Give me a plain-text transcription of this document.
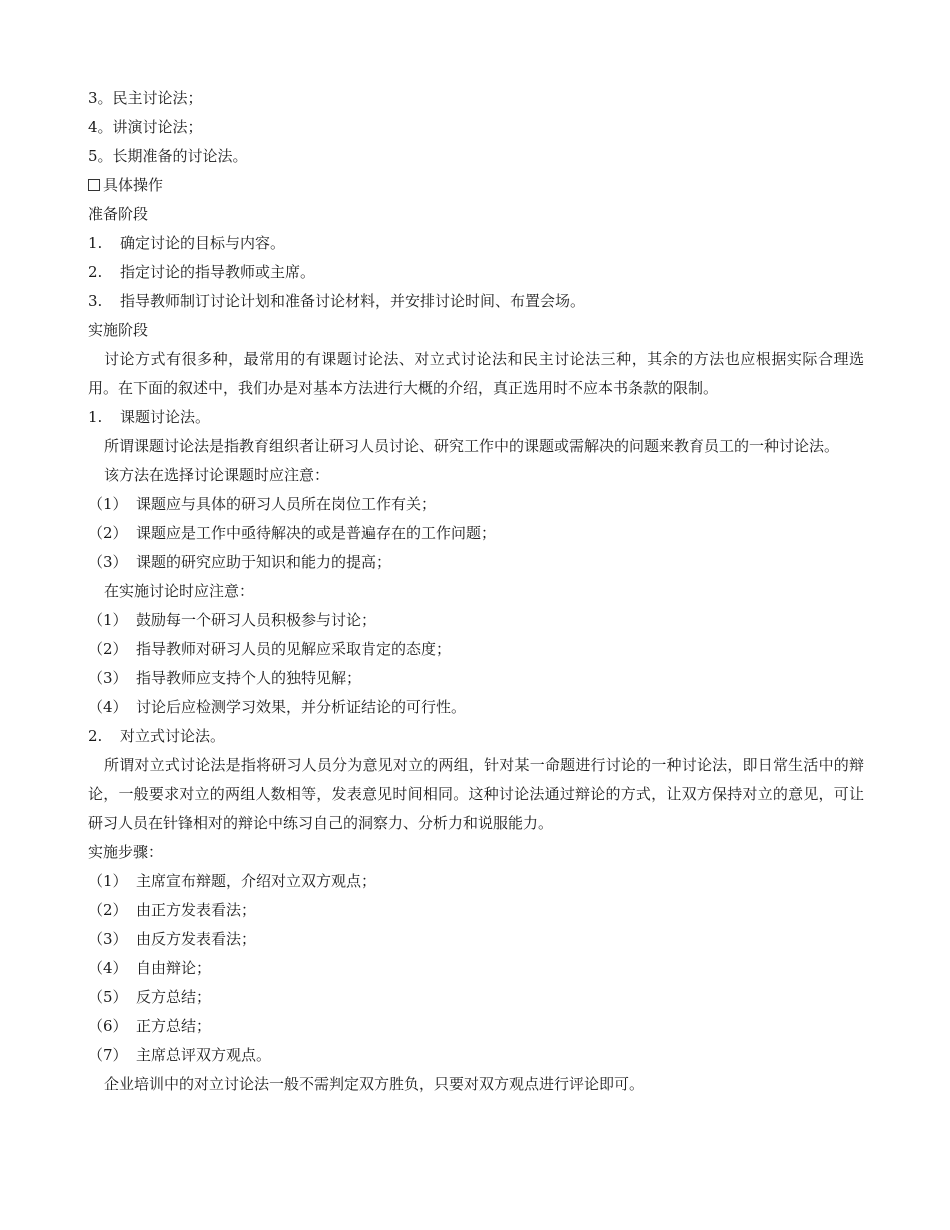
3。民主讨论法；
4。讲演讨论法；
5。长期准备的讨论法。
具体操作
准备阶段
1. 确定讨论的目标与内容。
2. 指定讨论的指导教师或主席。
3. 指导教师制订讨论计划和准备讨论材料，并安排讨论时间、布置会场。
实施阶段
讨论方式有很多种，最常用的有课题讨论法、对立式讨论法和民主讨论法三种，其余的方法也应根据实际合理选用。在下面的叙述中，我们办是对基本方法进行大概的介绍，真正选用时不应本书条款的限制。
1. 课题讨论法。
所谓课题讨论法是指教育组织者让研习人员讨论、研究工作中的课题或需解决的问题来教育员工的一种讨论法。
该方法在选择讨论课题时应注意：
（1） 课题应与具体的研习人员所在岗位工作有关；
（2） 课题应是工作中亟待解决的或是普遍存在的工作问题；
（3） 课题的研究应助于知识和能力的提高；
在实施讨论时应注意：
（1） 鼓励每一个研习人员积极参与讨论；
（2） 指导教师对研习人员的见解应采取肯定的态度；
（3） 指导教师应支持个人的独特见解；
（4） 讨论后应检测学习效果，并分析证结论的可行性。
2. 对立式讨论法。
所谓对立式讨论法是指将研习人员分为意见对立的两组，针对某一命题进行讨论的一种讨论法，即日常生活中的辩论，一般要求对立的两组人数相等，发表意见时间相同。这种讨论法通过辩论的方式，让双方保持对立的意见，可让研习人员在针锋相对的辩论中练习自己的洞察力、分析力和说服能力。
实施步骤：
（1） 主席宣布辩题，介绍对立双方观点；
（2） 由正方发表看法；
（3） 由反方发表看法；
（4） 自由辩论；
（5） 反方总结；
（6） 正方总结；
（7） 主席总评双方观点。
企业培训中的对立讨论法一般不需判定双方胜负，只要对双方观点进行评论即可。
